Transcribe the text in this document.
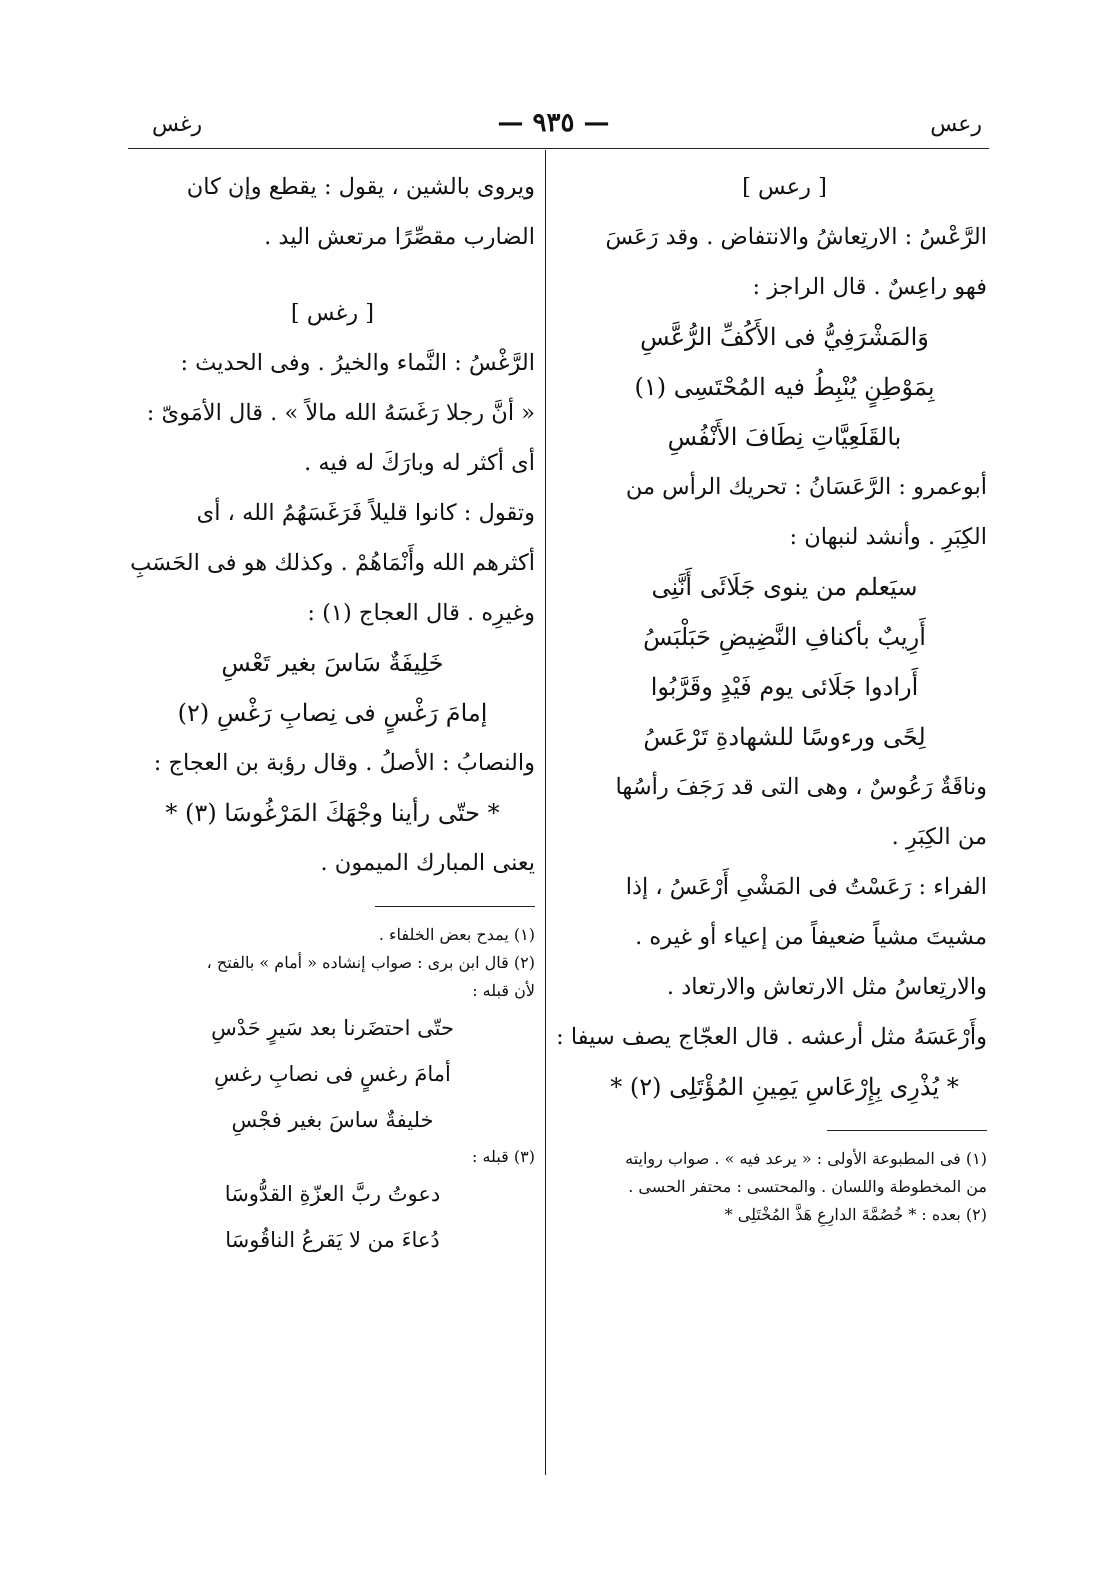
رعس
— ٩٣٥ —
رغس

[ رعس ]

الرَّعْسُ : الارتِعاشُ والانتفاض . وقد رَعَسَ

فهو راعِسٌ . قال الراجز :

وَالمَشْرَفِيُّ فى الأَكُفِّ الرُّعَّسِ

بِمَوْطِنٍ يُنْبِطُ فيه المُحْتَسِى (١)

بالقَلَعِيَّاتِ نِطَافَ الأَنْفُسِ

أبوعمرو : الرَّعَسَانُ : تحريك الرأس من

الكِبَرِ . وأنشد لنبهان :

سيَعلم من ينوى جَلَائَى أَنَّنِى

أَرِيبٌ بأكنافِ النَّضِيضِ حَبَلْبَسُ

أَرادوا جَلَائى يوم فَيْدٍ وقَرَّبُوا

لِحًى ورءوسًا للشهادةِ تَرْعَسُ

وناقَةٌ رَعُوسٌ ، وهى التى قد رَجَفَ رأسُها

من الكِبَرِ .

الفراء : رَعَسْتُ فى المَشْىِ أَرْعَسُ ، إذا

مشيتَ مشياً ضعيفاً من إعياء أو غيره .

والارتِعاسُ مثل الارتعاش والارتعاد .

وأَرْعَسَهُ مثل أرعشه . قال العجّاج يصف سيفا :

* يُذْرِى بِإِرْعَاسِ يَمِينِ المُؤْتَلِى (٢) *

(١) فى المطبوعة الأولى : « يرعد فيه » . صواب روايته

من المخطوطة واللسان . والمحتسى : محتفر الحسى .

(٢) بعده : * خُصُمَّةَ الدارِعِ هَذَّ المُخْتَلِى *

ويروى بالشين ، يقول : يقطع وإن كان

الضارب مقصِّرًا مرتعش اليد .

[ رغس ]

الرَّغْسُ : النَّماء والخيرُ . وفى الحديث :

« أنَّ رجلا رَغَسَهُ الله مالاً » . قال الأمَوىّ :

أى أكثر له وبارَكَ له فيه .

وتقول : كانوا قليلاً فَرَغَسَهُمُ الله ، أى

أكثرهم الله وأَنْمَاهُمْ . وكذلك هو فى الحَسَبِ

وغيرِه . قال العجاج (١) :

خَلِيفَةٌ سَاسَ بغير تَعْسِ

إمامَ رَغْسٍ فى نِصابِ رَغْسِ (٢)

والنصابُ : الأصلُ . وقال رؤبة بن العجاج :

* حتّى رأينا وجْهَكَ المَرْغُوسَا (٣) *

يعنى المبارك الميمون .

(١) يمدح بعض الخلفاء .

(٢) قال ابن برى : صواب إنشاده « أمام » بالفتح ،

لأن قبله :

حتّى احتضَرنا بعد سَيرٍ حَدْسِ

أمامَ رغسٍ فى نصابِ رغسِ

خليفةٌ ساسَ بغير فجْسِ

(٣) قبله :

دعوتُ ربَّ العزّةِ القدُّوسَا

دُعاءَ من لا يَقرعُ الناقُوسَا
